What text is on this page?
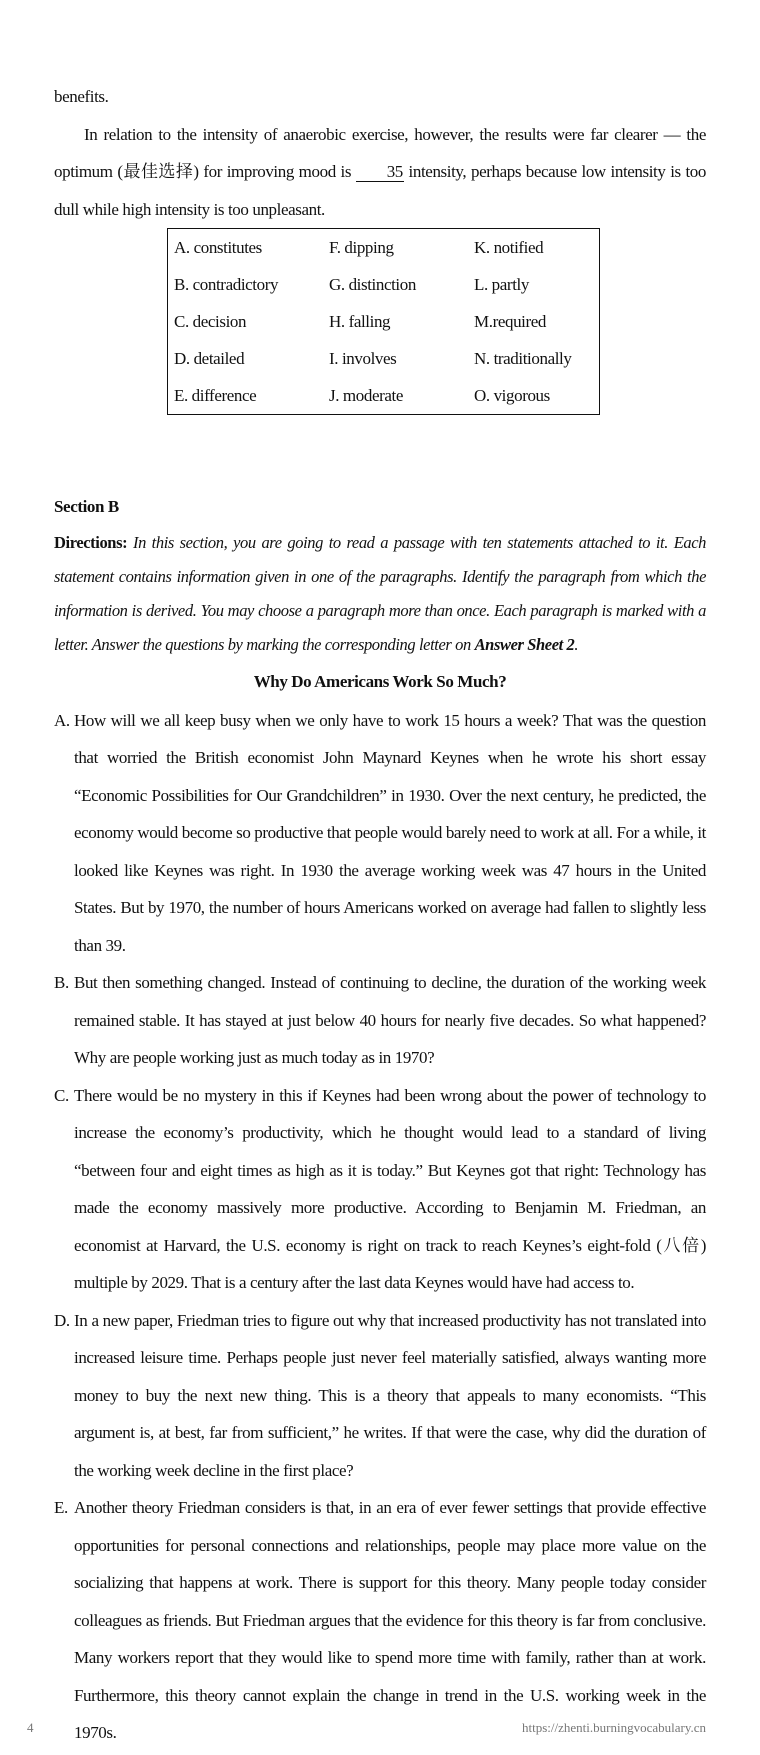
benefits.

In relation to the intensity of anaerobic exercise, however, the results were far clearer — the optimum (最佳选择) for improving mood is 35 intensity, perhaps because low intensity is too dull while high intensity is too unpleasant.

A. constitutes	F. dipping	K. notified
B. contradictory	G. distinction	L. partly
C. decision	H. falling	M.required
D. detailed	I. involves	N. traditionally
E. difference	J. moderate	O. vigorous

Section B

Directions: In this section, you are going to read a passage with ten statements attached to it. Each statement contains information given in one of the paragraphs. Identify the paragraph from which the information is derived. You may choose a paragraph more than once. Each paragraph is marked with a letter. Answer the questions by marking the corresponding letter on Answer Sheet 2.

Why Do Americans Work So Much?

A. How will we all keep busy when we only have to work 15 hours a week? That was the question that worried the British economist John Maynard Keynes when he wrote his short essay “Economic Possibilities for Our Grandchildren” in 1930. Over the next century, he predicted, the economy would become so productive that people would barely need to work at all. For a while, it looked like Keynes was right. In 1930 the average working week was 47 hours in the United States. But by 1970, the number of hours Americans worked on average had fallen to slightly less than 39.
B. But then something changed. Instead of continuing to decline, the duration of the working week remained stable. It has stayed at just below 40 hours for nearly five decades. So what happened? Why are people working just as much today as in 1970?
C. There would be no mystery in this if Keynes had been wrong about the power of technology to increase the economy’s productivity, which he thought would lead to a standard of living “between four and eight times as high as it is today.” But Keynes got that right: Technology has made the economy massively more productive. According to Benjamin M. Friedman, an economist at Harvard, the U.S. economy is right on track to reach Keynes’s eight-fold (八倍) multiple by 2029. That is a century after the last data Keynes would have had access to.
D. In a new paper, Friedman tries to figure out why that increased productivity has not translated into increased leisure time. Perhaps people just never feel materially satisfied, always wanting more money to buy the next new thing. This is a theory that appeals to many economists. “This argument is, at best, far from sufficient,” he writes. If that were the case, why did the duration of the working week decline in the first place?
E. Another theory Friedman considers is that, in an era of ever fewer settings that provide effective opportunities for personal connections and relationships, people may place more value on the socializing that happens at work. There is support for this theory. Many people today consider colleagues as friends. But Friedman argues that the evidence for this theory is far from conclusive. Many workers report that they would like to spend more time with family, rather than at work. Furthermore, this theory cannot explain the change in trend in the U.S. working week in the 1970s.
4	https://zhenti.burningvocabulary.cn
